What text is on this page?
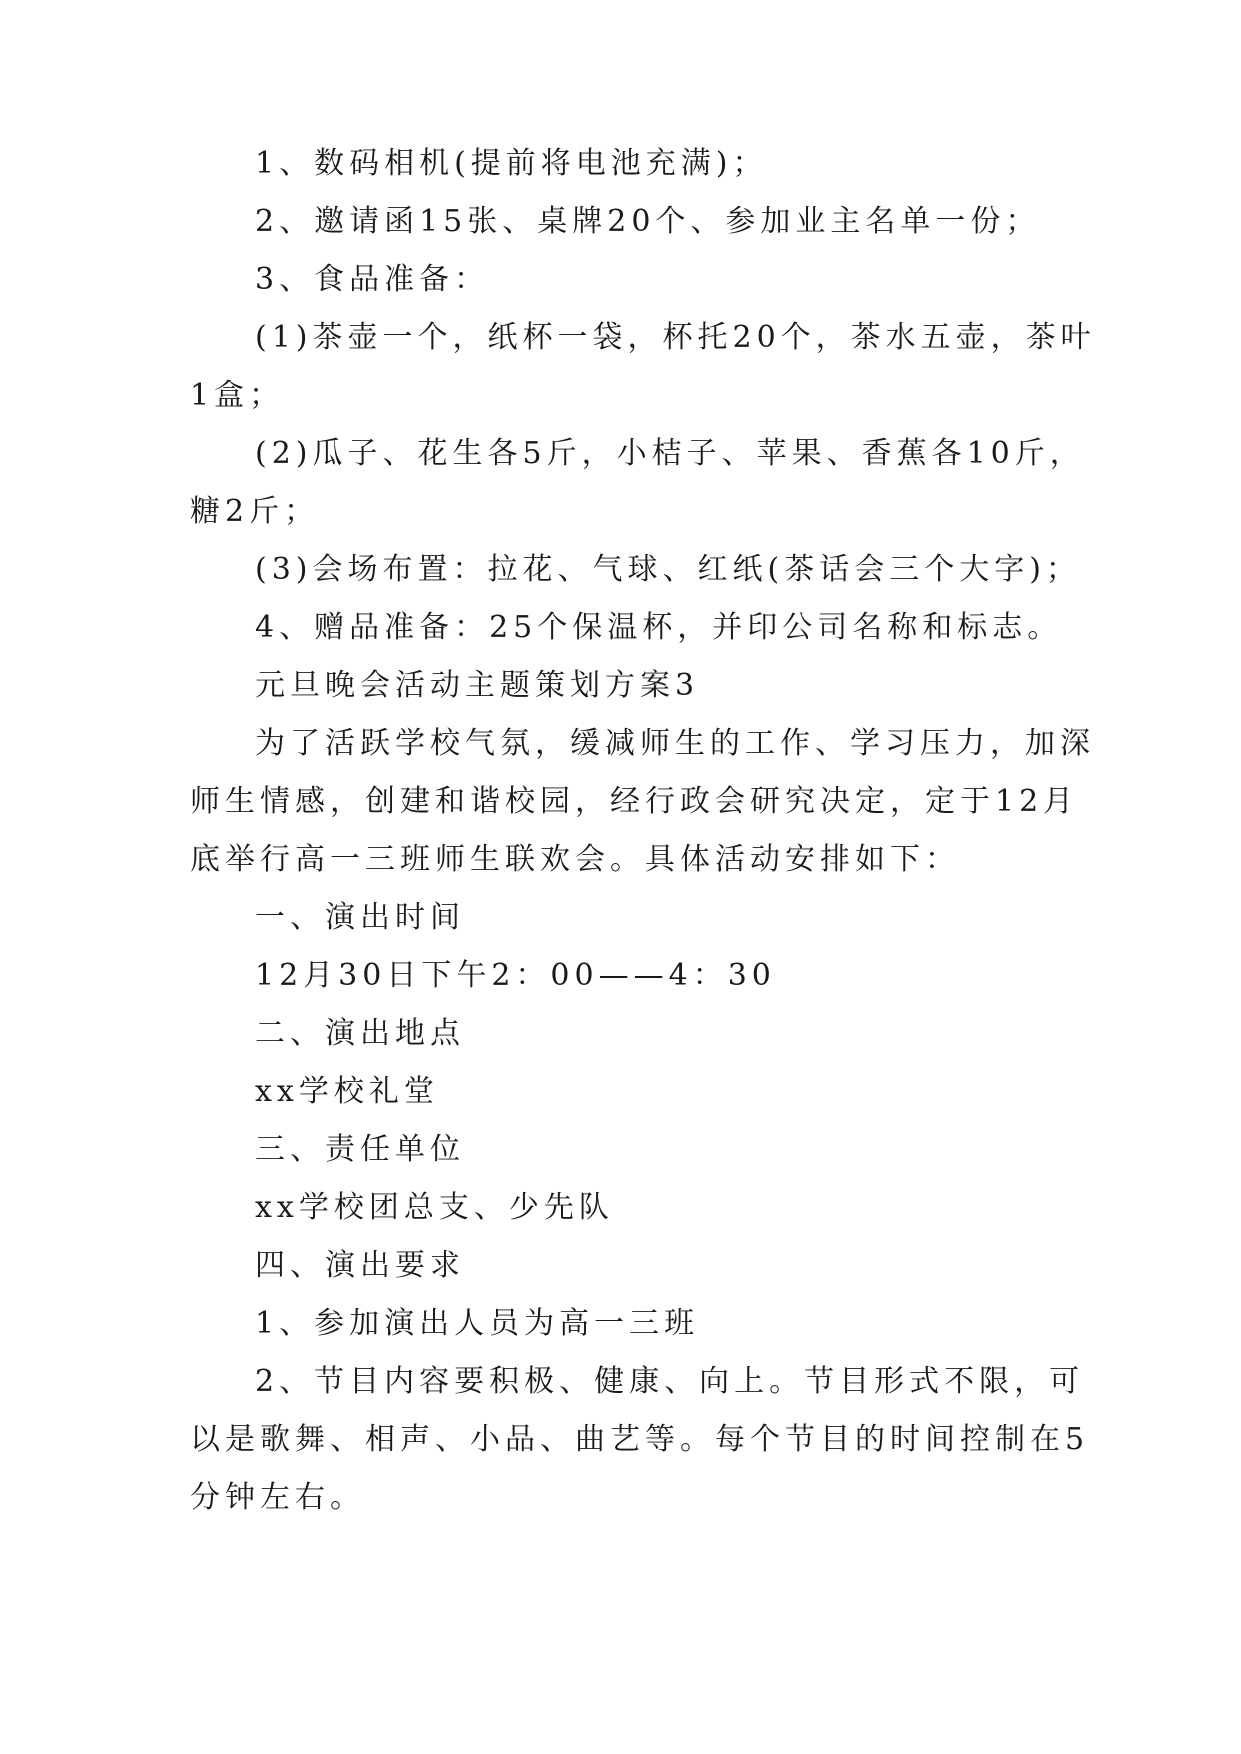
1、数码相机(提前将电池充满)；
2、邀请函15张、桌牌20个、参加业主名单一份；
3、食品准备：
(1)茶壶一个，纸杯一袋，杯托20个，茶水五壶，茶叶
1盒；
(2)瓜子、花生各5斤，小桔子、苹果、香蕉各10斤，
糖2斤；
(3)会场布置：拉花、气球、红纸(茶话会三个大字)；
4、赠品准备：25个保温杯，并印公司名称和标志。
元旦晚会活动主题策划方案3
为了活跃学校气氛，缓减师生的工作、学习压力，加深
师生情感，创建和谐校园，经行政会研究决定，定于12月
底举行高一三班师生联欢会。具体活动安排如下：
一、演出时间
12月30日下午2：00——4：30
二、演出地点
xx学校礼堂
三、责任单位
xx学校团总支、少先队
四、演出要求
1、参加演出人员为高一三班
2、节目内容要积极、健康、向上。节目形式不限，可
以是歌舞、相声、小品、曲艺等。每个节目的时间控制在5
分钟左右。
